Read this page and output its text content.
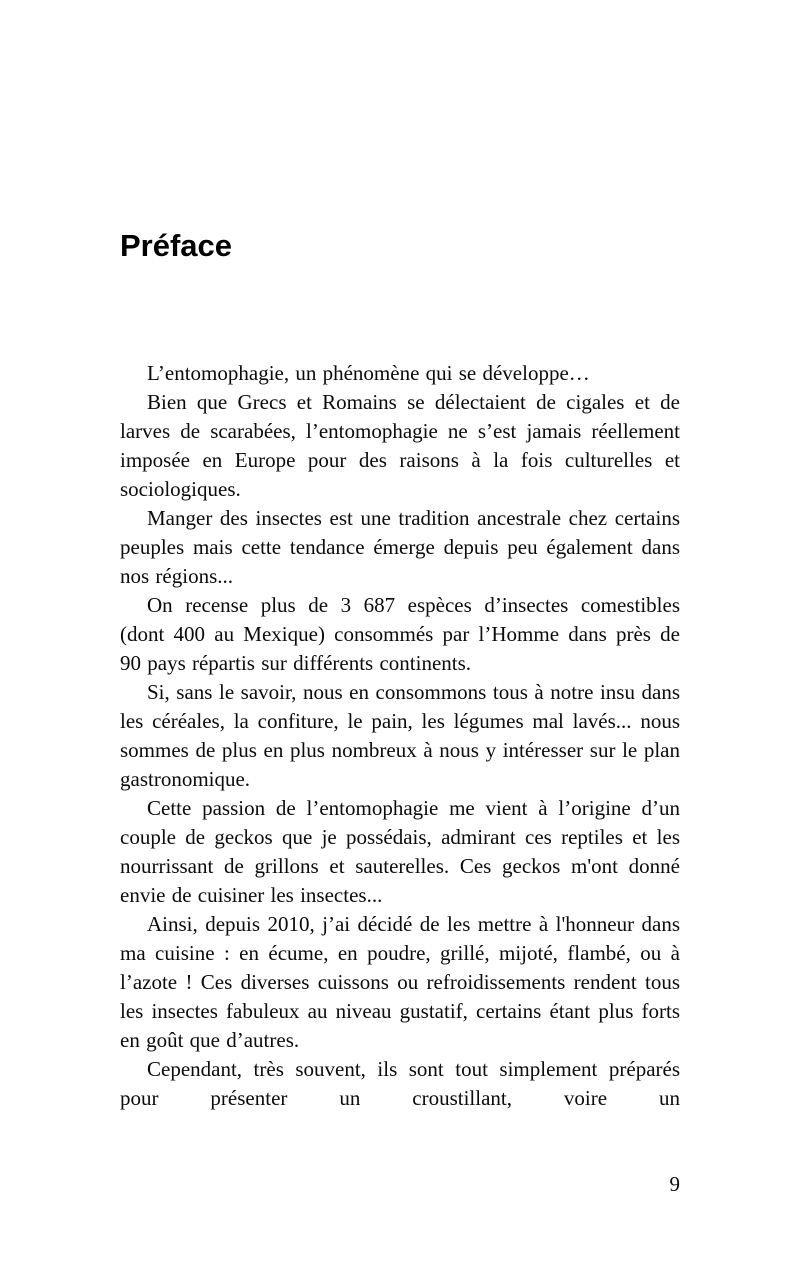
Préface

L’entomophagie, un phénomène qui se développe…

Bien que Grecs et Romains se délectaient de cigales et de larves de scarabées, l’entomophagie ne s’est jamais réellement imposée en Europe pour des raisons à la fois culturelles et sociologiques.

Manger des insectes est une tradition ancestrale chez certains peuples mais cette tendance émerge depuis peu également dans nos régions...

On recense plus de 3 687 espèces d’insectes comestibles (dont 400 au Mexique) consommés par l’Homme dans près de 90 pays répartis sur différents continents.

Si, sans le savoir, nous en consommons tous à notre insu dans les céréales, la confiture, le pain, les légumes mal lavés... nous sommes de plus en plus nombreux à nous y intéresser sur le plan gastronomique.

Cette passion de l’entomophagie me vient à l’origine d’un couple de geckos que je possédais, admirant ces reptiles et les nourrissant de grillons et sauterelles. Ces geckos m'ont donné envie de cuisiner les insectes...

Ainsi, depuis 2010, j’ai décidé de les mettre à l'honneur dans ma cuisine : en écume, en poudre, grillé, mijoté, flambé, ou à l’azote ! Ces diverses cuissons ou refroidissements rendent tous les insectes fabuleux au niveau gustatif, certains étant plus forts en goût que d’autres.

Cependant, très souvent, ils sont tout simplement préparés pour présenter un croustillant, voire un

9
